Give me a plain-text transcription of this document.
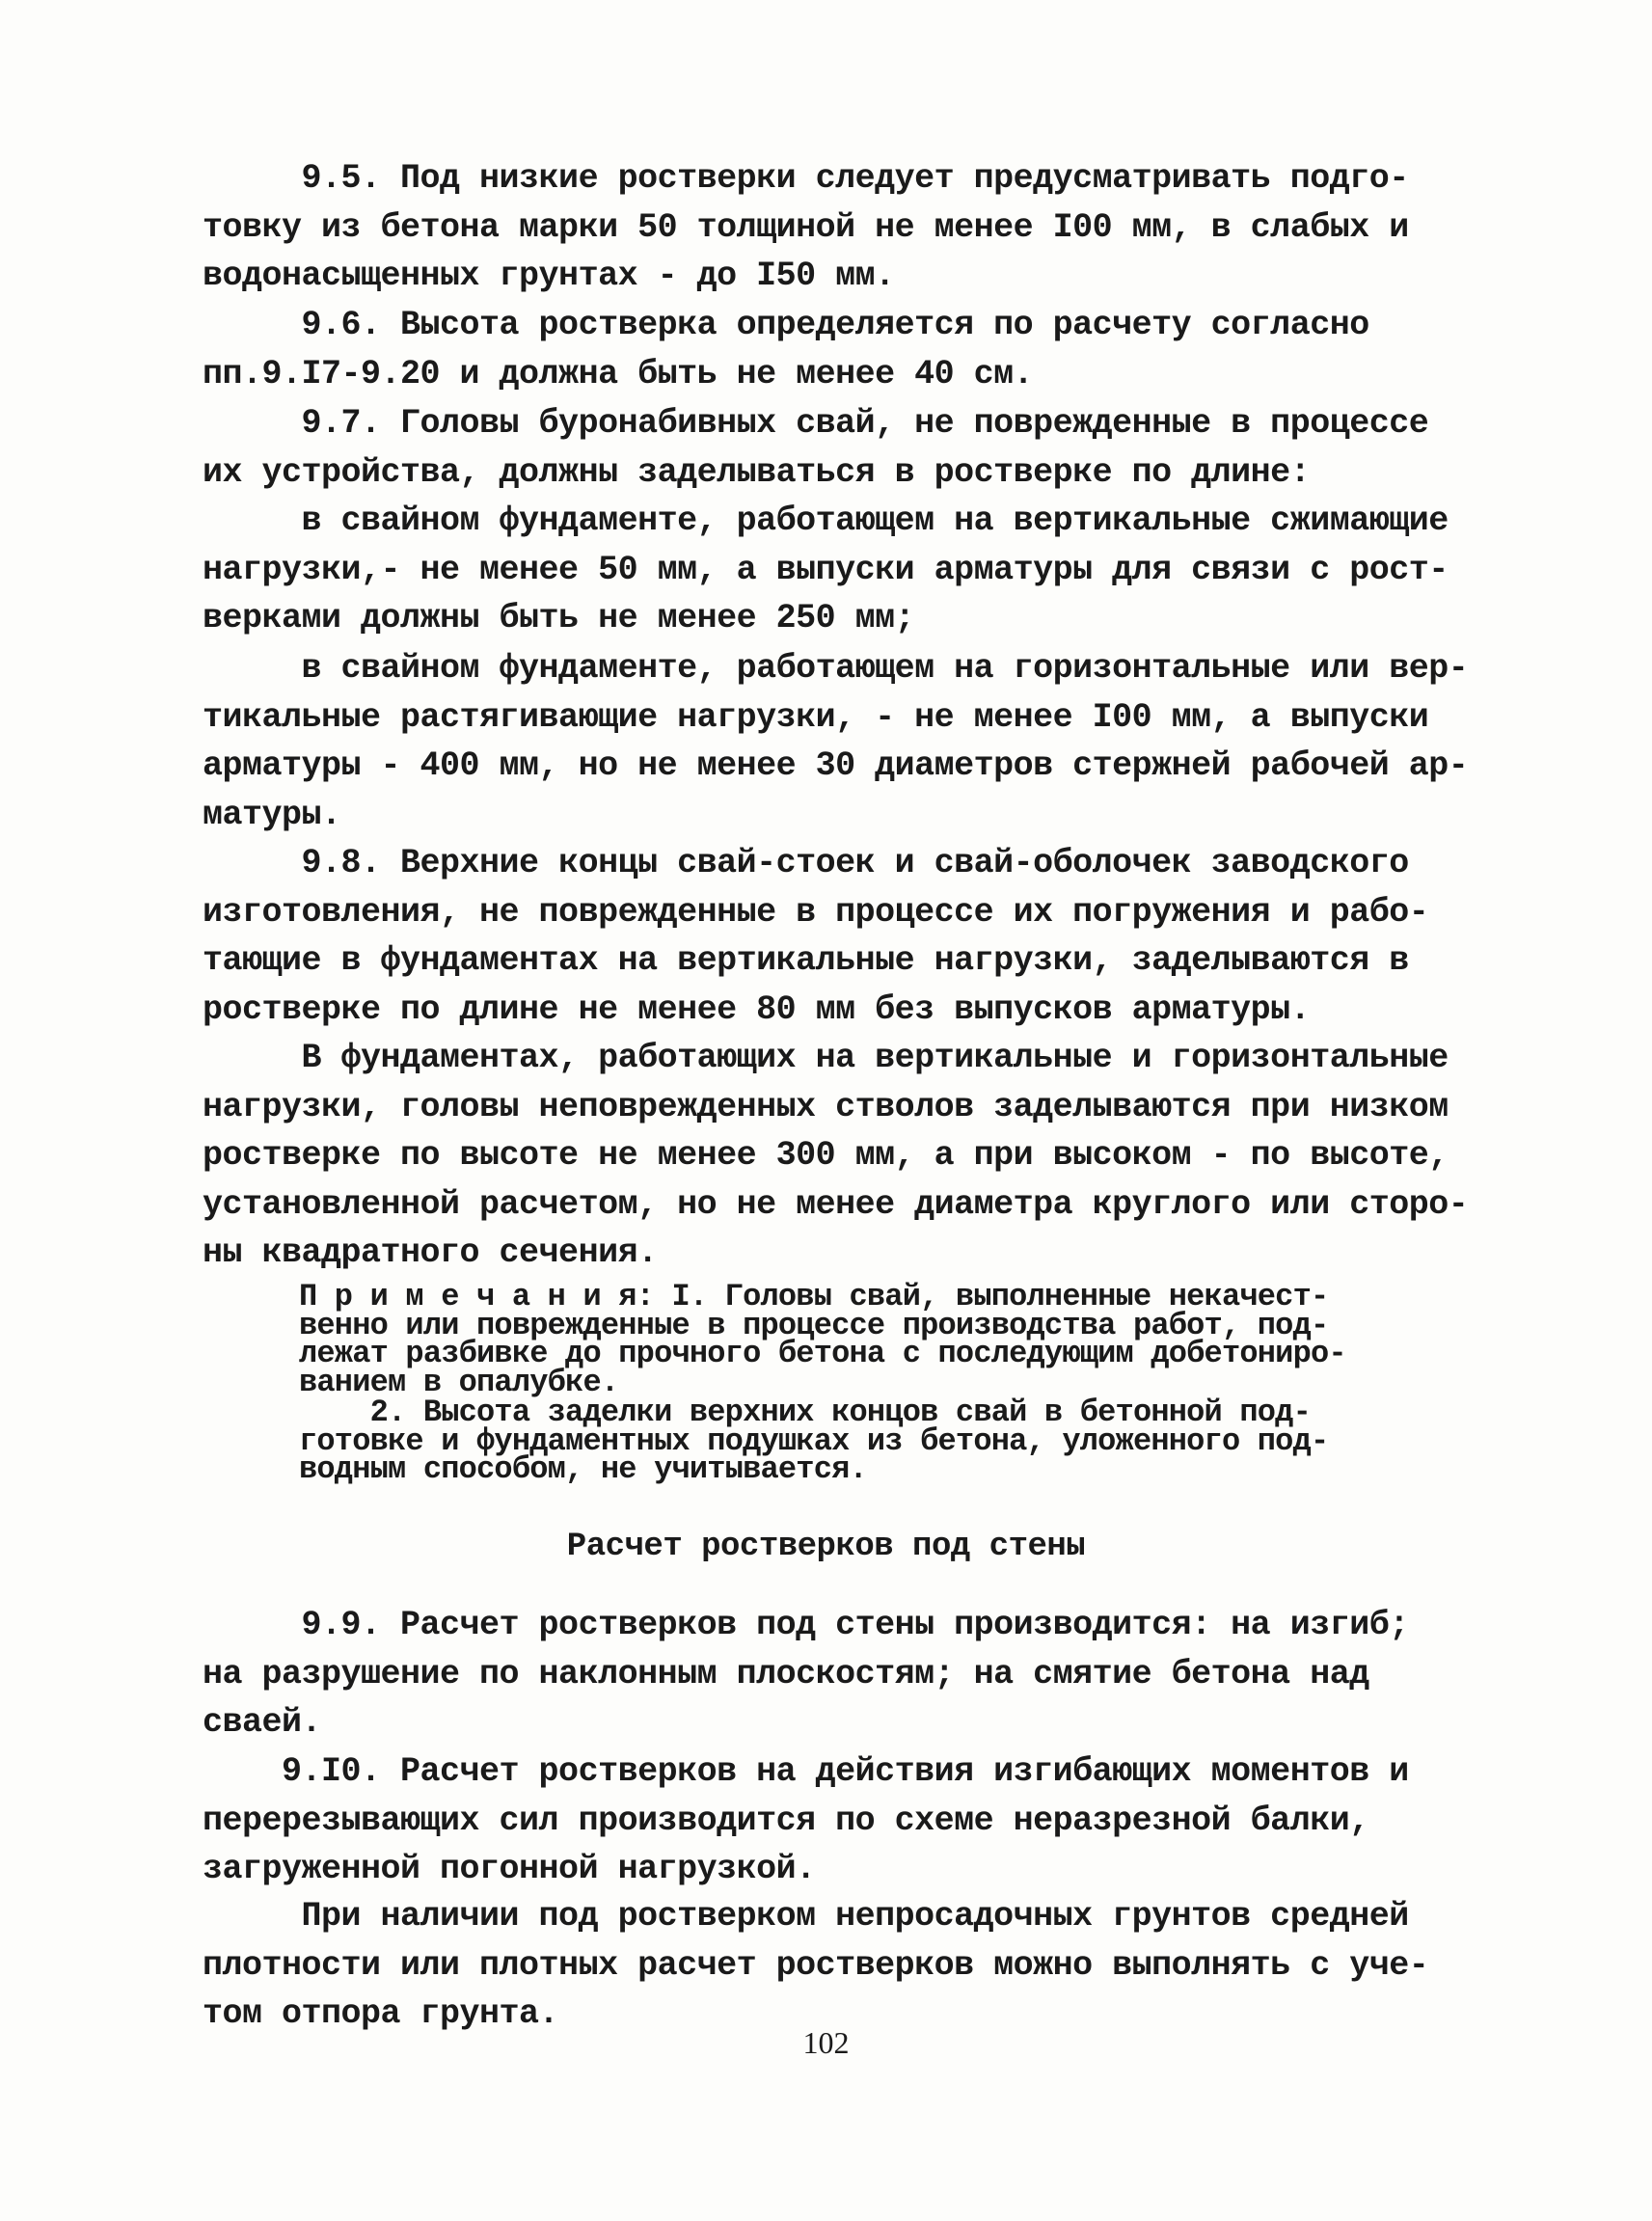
9.5. Под низкие ростверки следует предусматривать подго-
товку из бетона марки 50 толщиной не менее I00 мм, в слабых и
водонасыщенных грунтах - до I50 мм.
9.6. Высота ростверка определяется по расчету согласно
пп.9.I7-9.20 и должна быть не менее 40 см.
9.7. Головы буронабивных свай, не поврежденные в процессе
их устройства, должны заделываться в ростверке по длине:
в свайном фундаменте, работающем на вертикальные сжимающие
нагрузки,- не менее 50 мм, а выпуски арматуры для связи с рост-
верками должны быть не менее 250 мм;
в свайном фундаменте, работающем на горизонтальные или вер-
тикальные растягивающие нагрузки, - не менее I00 мм, а выпуски
арматуры - 400 мм, но не менее 30 диаметров стержней рабочей ар-
матуры.
9.8. Верхние концы свай-стоек и свай-оболочек заводского
изготовления, не поврежденные в процессе их погружения и рабо-
тающие в фундаментах на вертикальные нагрузки, заделываются в
ростверке по длине не менее 80 мм без выпусков арматуры.
В фундаментах, работающих на вертикальные и горизонтальные
нагрузки, головы неповрежденных стволов заделываются при низком
ростверке по высоте не менее 300 мм, а при высоком - по высоте,
установленной расчетом, но не менее диаметра круглого или сторо-
ны квадратного сечения.
П р и м е ч а н и я: I. Головы свай, выполненные некачест-
венно или поврежденные в процессе производства работ, под-
лежат разбивке до прочного бетона с последующим добетониро-
ванием в опалубке.
2. Высота заделки верхних концов свай в бетонной под-
готовке и фундаментных подушках из бетона, уложенного под-
водным способом, не учитывается.
Расчет ростверков под стены
9.9. Расчет ростверков под стены производится: на изгиб;
на разрушение по наклонным плоскостям; на смятие бетона над
сваей.
9.I0. Расчет ростверков на действия изгибающих моментов и
перерезывающих сил производится по схеме неразрезной балки,
загруженной погонной нагрузкой.
При наличии под ростверком непросадочных грунтов средней
плотности или плотных расчет ростверков можно выполнять с уче-
том отпора грунта.
102
